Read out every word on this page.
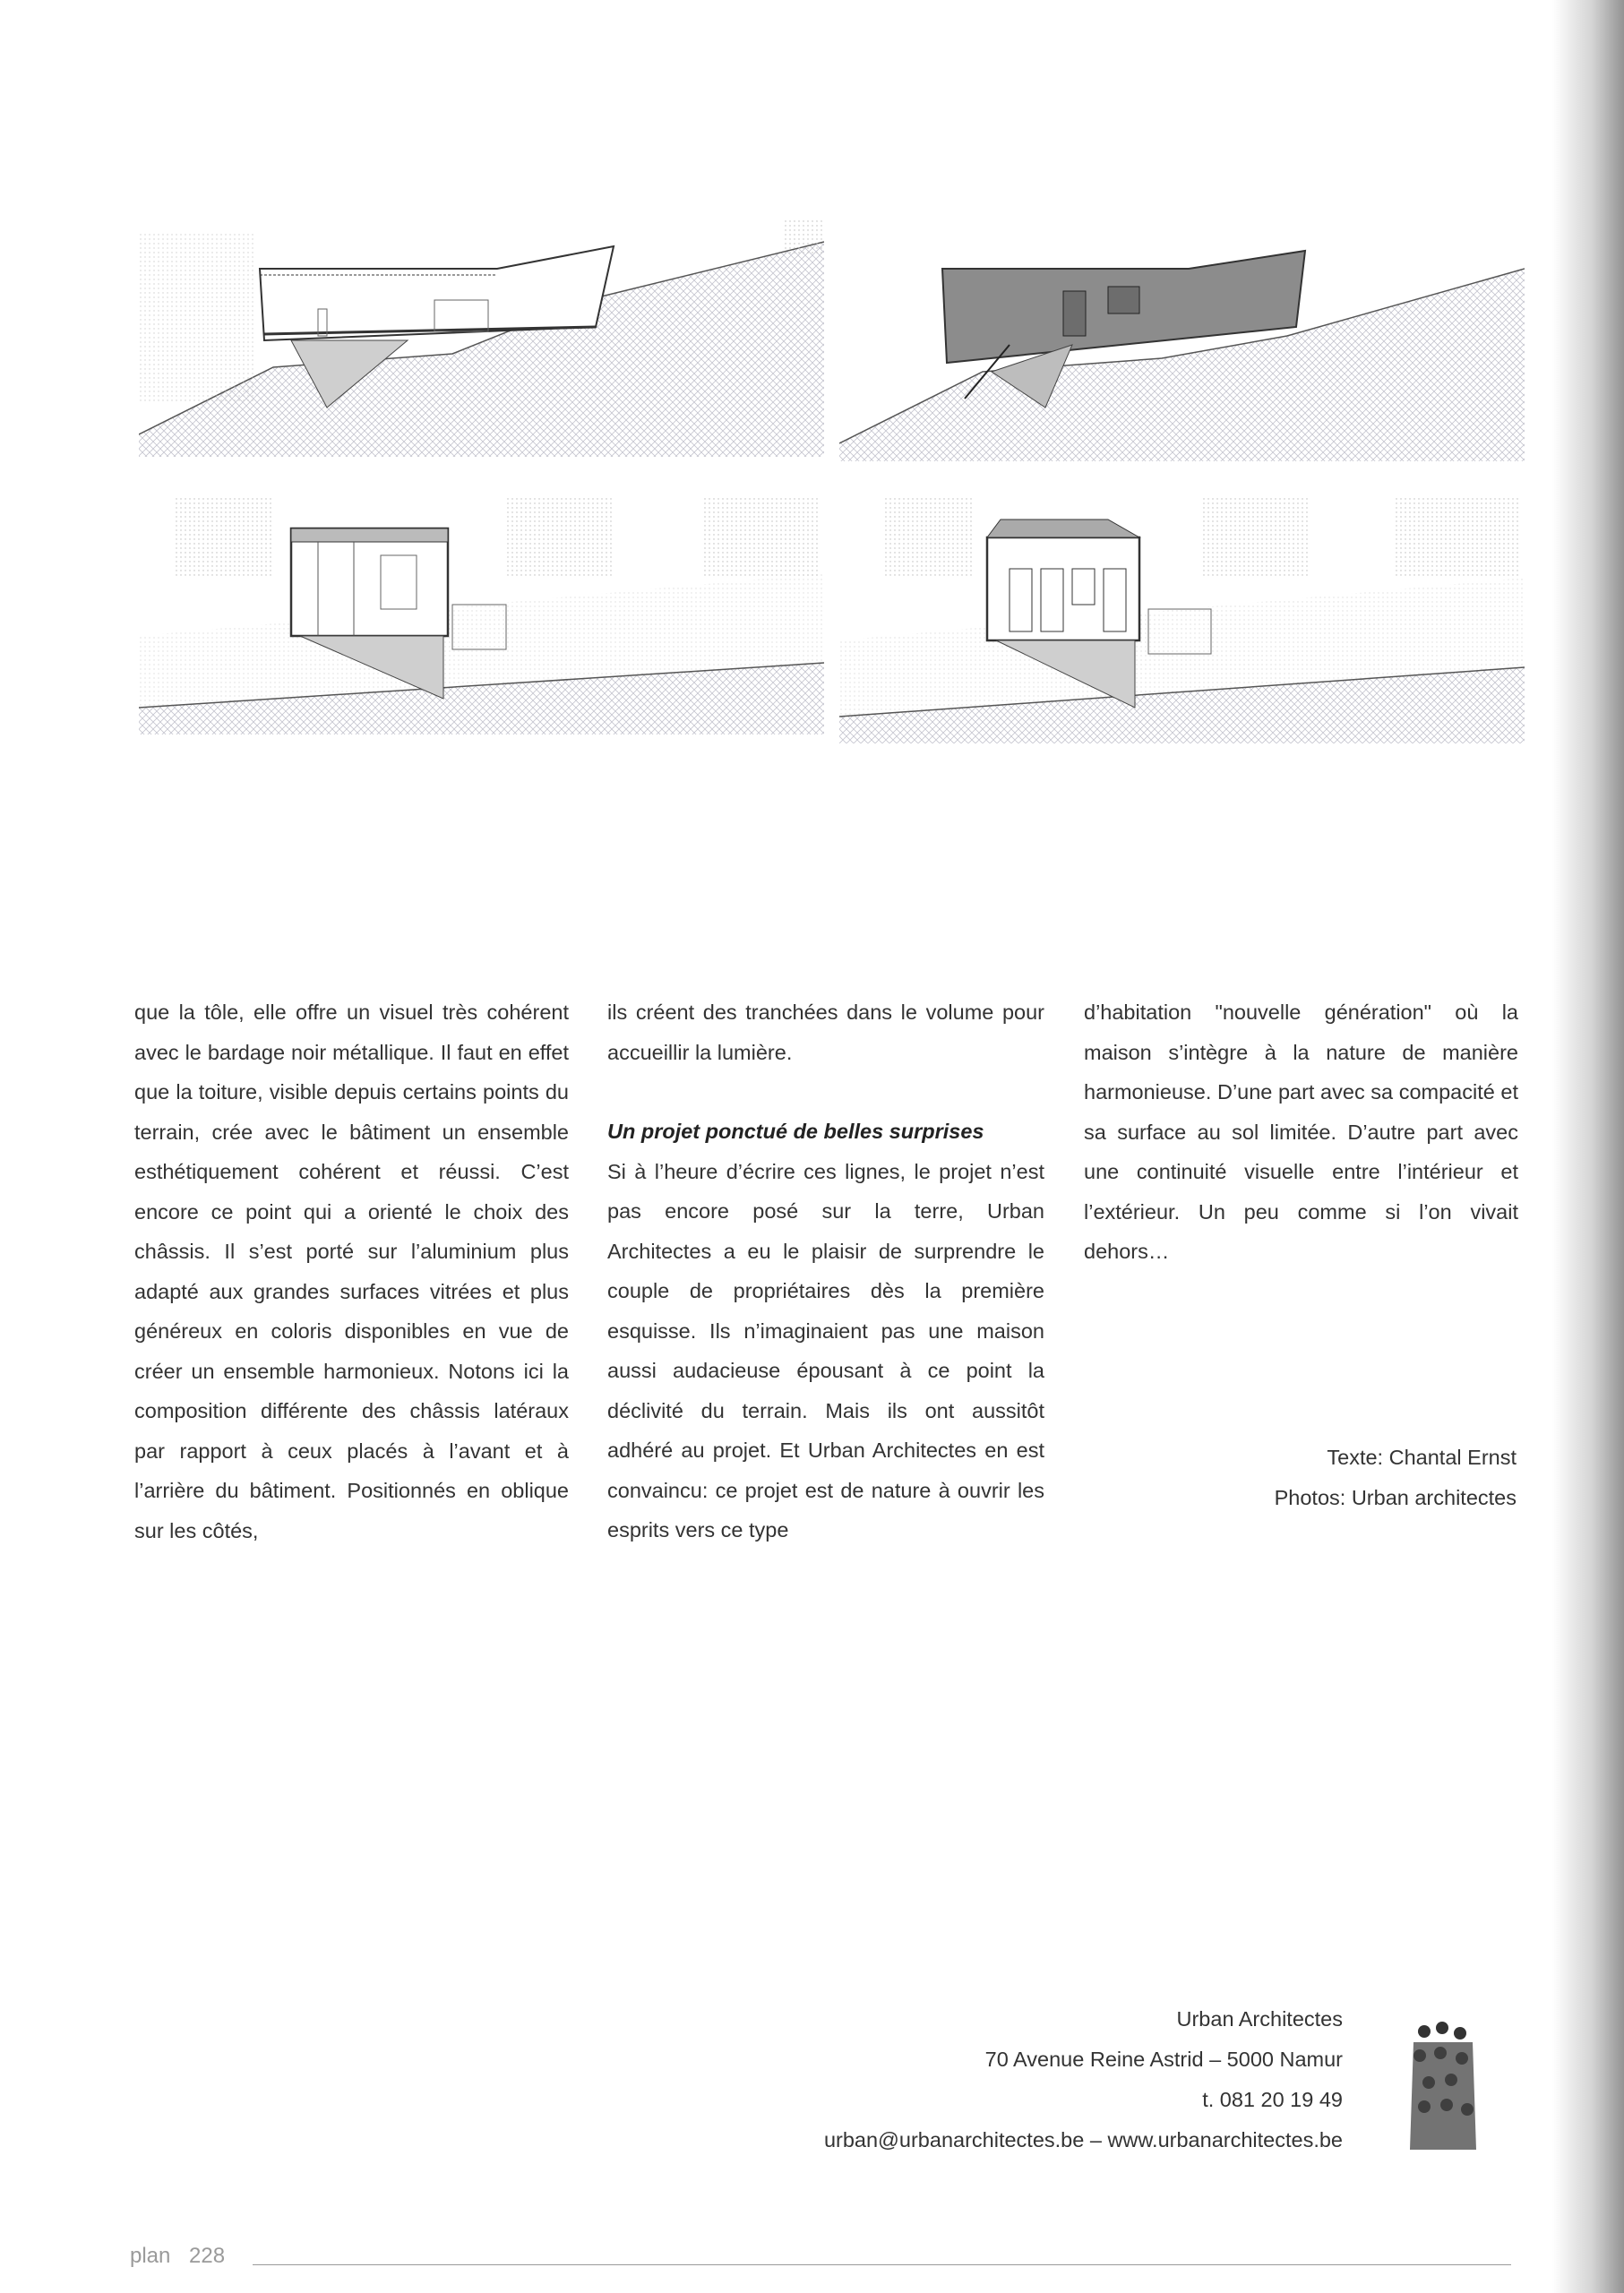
que la tôle, elle offre un visuel très cohérent avec le bardage noir métallique. Il faut en effet que la toiture, visible depuis certains points du terrain, crée avec le bâtiment un ensemble esthétiquement cohérent et réussi. C’est encore ce point qui a orienté le choix des châssis. Il s’est porté sur l’aluminium plus adapté aux grandes surfaces vitrées et plus généreux en coloris disponibles en vue de créer un ensemble harmonieux. Notons ici la composition différente des châssis latéraux par rapport à ceux placés à l’avant et à l’arrière du bâtiment. Positionnés en oblique sur les côtés,

ils créent des tranchées dans le volume pour accueillir la lumière.

Un projet ponctué de belles surprises

Si à l’heure d’écrire ces lignes, le projet n’est pas encore posé sur la terre, Urban Architectes a eu le plaisir de surprendre le couple de propriétaires dès la première esquisse. Ils n’imaginaient pas une maison aussi audacieuse épousant à ce point la déclivité du terrain. Mais ils ont aussitôt adhéré au projet. Et Urban Architectes en est convaincu: ce projet est de nature à ouvrir les esprits vers ce type

d’habitation "nouvelle génération" où la maison s’intègre à la nature de manière harmonieuse. D’une part avec sa compacité et sa surface au sol limitée. D’autre part avec une continuité visuelle entre l’intérieur et l’extérieur. Un peu comme si l’on vivait dehors…

Texte: Chantal Ernst
Photos: Urban architectes
Urban Architectes
70 Avenue Reine Astrid – 5000 Namur
t. 081 20 19 49
urban@urbanarchitectes.be – www.urbanarchitectes.be
plan 228
